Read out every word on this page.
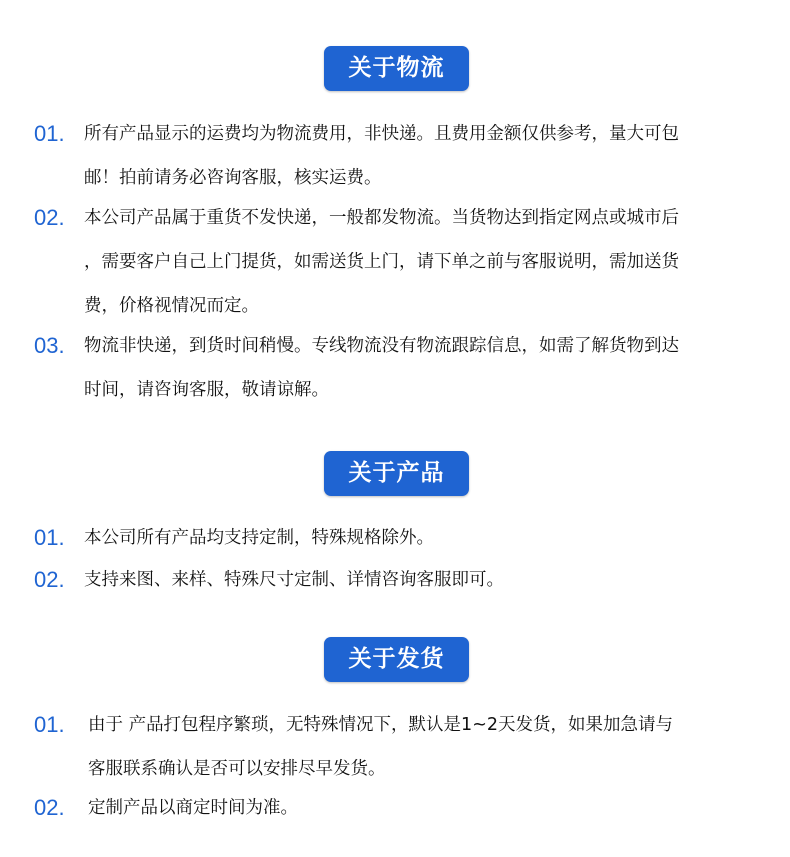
关于物流
01. 所有产品显示的运费均为物流费用，非快递。且费用金额仅供参考，量大可包
邮！拍前请务必咨询客服，核实运费。
02. 本公司产品属于重货不发快递，一般都发物流。当货物达到指定网点或城市后
，需要客户自己上门提货，如需送货上门，请下单之前与客服说明，需加送货
费，价格视情况而定。
03. 物流非快递，到货时间稍慢。专线物流没有物流跟踪信息，如需了解货物到达
时间，请咨询客服，敬请谅解。
关于产品
01. 本公司所有产品均支持定制，特殊规格除外。
02. 支持来图、来样、特殊尺寸定制、详情咨询客服即可。
关于发货
01. 由于 产品打包程序繁琐，无特殊情况下，默认是1~2天发货，如果加急请与
客服联系确认是否可以安排尽早发货。
02. 定制产品以商定时间为准。
